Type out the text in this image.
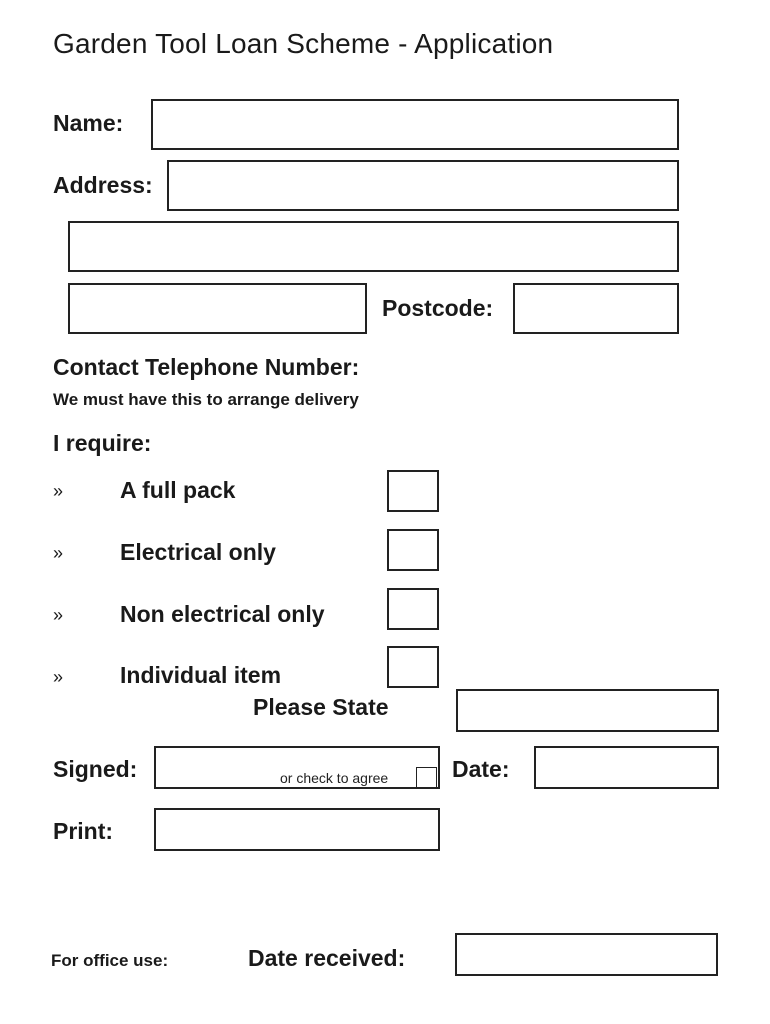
Garden Tool Loan Scheme - Application
Name:
Address:
Postcode:
Contact Telephone Number:
We must have this to arrange delivery
I require:
» A full pack
» Electrical only
» Non electrical only
» Individual item
Please State
Signed:	or check to agree	Date:
Print:
For office use:	Date received:
